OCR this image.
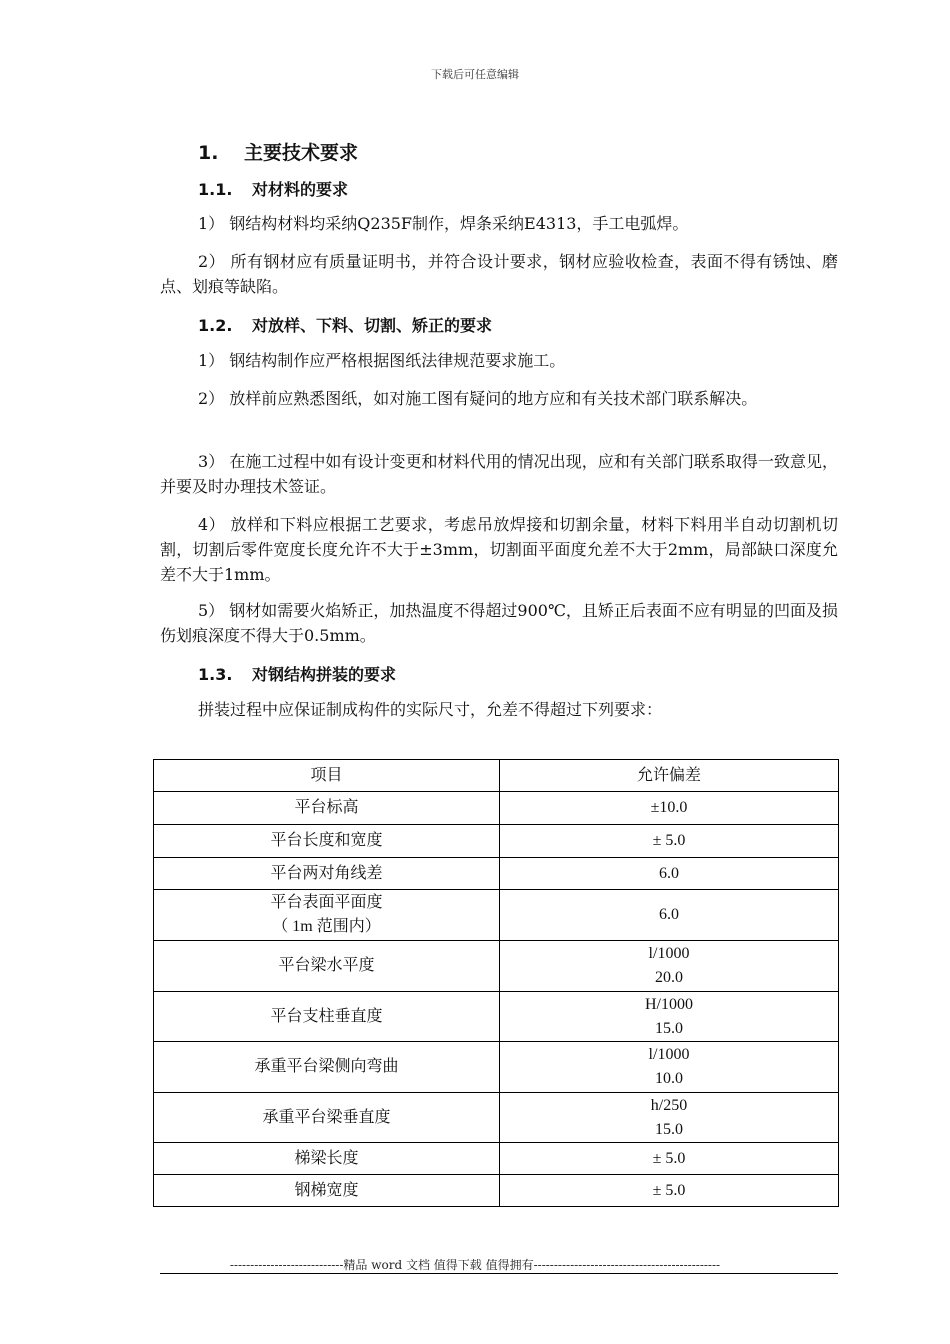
下载后可任意编辑
1. 主要技术要求
1.1. 对材料的要求
1） 钢结构材料均采纳Q235F制作，焊条采纳E4313，手工电弧焊。
2） 所有钢材应有质量证明书，并符合设计要求，钢材应验收检查，表面不得有锈蚀、磨点、划痕等缺陷。
1.2. 对放样、下料、切割、矫正的要求
1） 钢结构制作应严格根据图纸法律规范要求施工。
2） 放样前应熟悉图纸，如对施工图有疑问的地方应和有关技术部门联系解决。
3） 在施工过程中如有设计变更和材料代用的情况出现，应和有关部门联系取得一致意见，并要及时办理技术签证。
4） 放样和下料应根据工艺要求，考虑吊放焊接和切割余量，材料下料用半自动切割机切割，切割后零件宽度长度允许不大于±3mm，切割面平面度允差不大于2mm，局部缺口深度允差不大于1mm。
5） 钢材如需要火焰矫正，加热温度不得超过900℃，且矫正后表面不应有明显的凹面及损伤划痕深度不得大于0.5mm。
1.3. 对钢结构拼装的要求
拼装过程中应保证制成构件的实际尺寸，允差不得超过下列要求：
项目	允许偏差
平台标高	±10.0
平台长度和宽度	± 5.0
平台两对角线差	6.0

平台表面平面度
（ 1m 范围内）	6.0
平台梁水平度	l/1000
20.0

平台支柱垂直度	H/1000
15.0

承重平台梁侧向弯曲	l/1000
10.0

承重平台梁垂直度	h/250
15.0

梯梁长度	± 5.0
钢梯宽度	± 5.0
----------------------------精品 word 文档 值得下载 值得拥有----------------------------------------------
